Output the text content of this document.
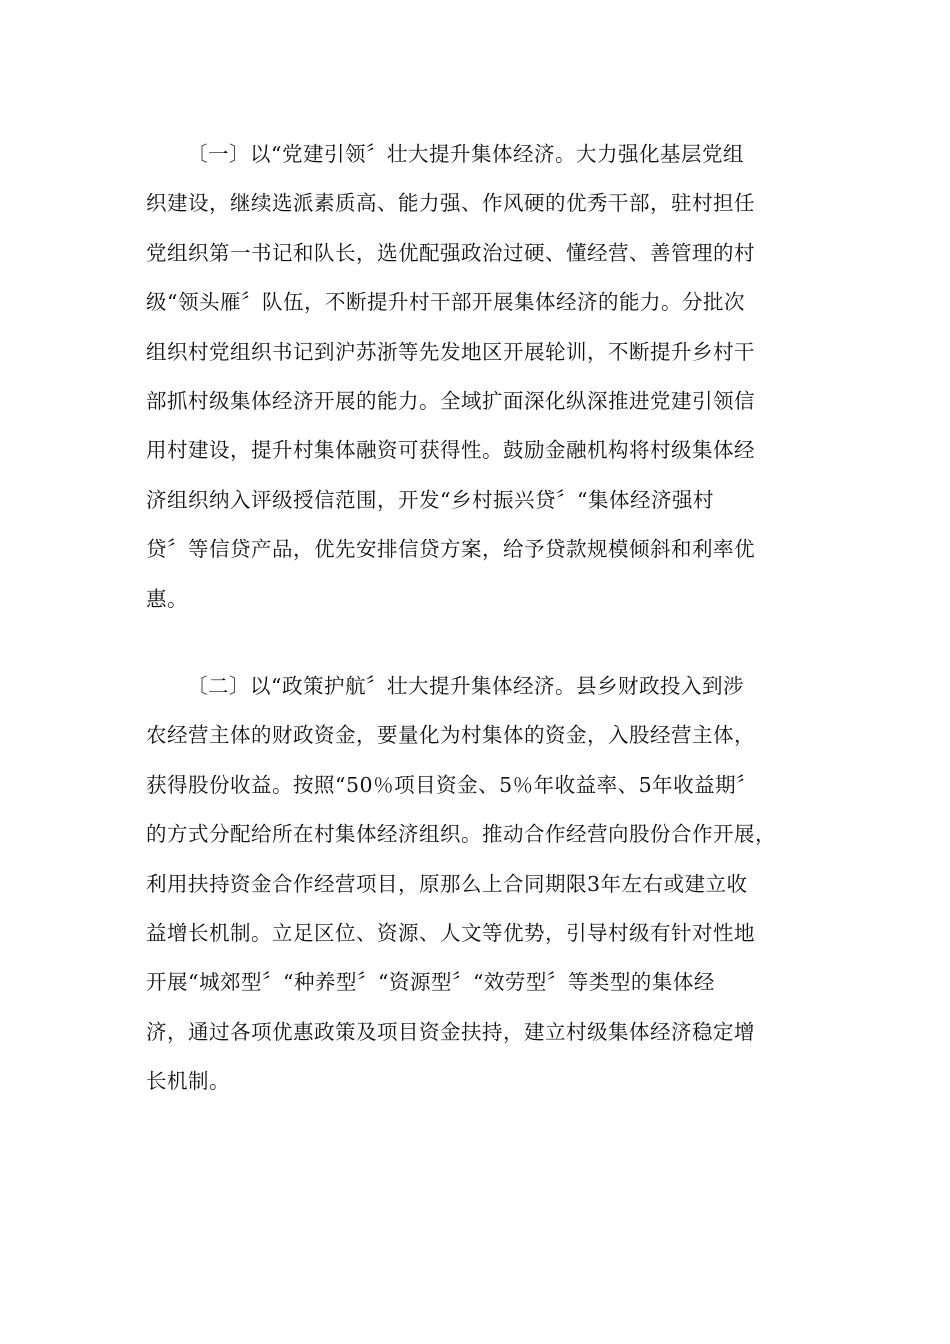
〔一〕以“党建引领〞壮大提升集体经济。大力强化基层党组
织建设，继续选派素质高、能力强、作风硬的优秀干部，驻村担任
党组织第一书记和队长，选优配强政治过硬、懂经营、善管理的村
级“领头雁〞队伍，不断提升村干部开展集体经济的能力。分批次
组织村党组织书记到沪苏浙等先发地区开展轮训，不断提升乡村干
部抓村级集体经济开展的能力。全域扩面深化纵深推进党建引领信
用村建设，提升村集体融资可获得性。鼓励金融机构将村级集体经
济组织纳入评级授信范围，开发“乡村振兴贷〞“集体经济强村
贷〞等信贷产品，优先安排信贷方案，给予贷款规模倾斜和利率优
惠。
〔二〕以“政策护航〞壮大提升集体经济。县乡财政投入到涉
农经营主体的财政资金，要量化为村集体的资金，入股经营主体，
获得股份收益。按照“50％项目资金、5％年收益率、5年收益期〞
的方式分配给所在村集体经济组织。推动合作经营向股份合作开展，
利用扶持资金合作经营项目，原那么上合同期限3年左右或建立收
益增长机制。立足区位、资源、人文等优势，引导村级有针对性地
开展“城郊型〞“种养型〞“资源型〞“效劳型〞等类型的集体经
济，通过各项优惠政策及项目资金扶持，建立村级集体经济稳定增
长机制。
